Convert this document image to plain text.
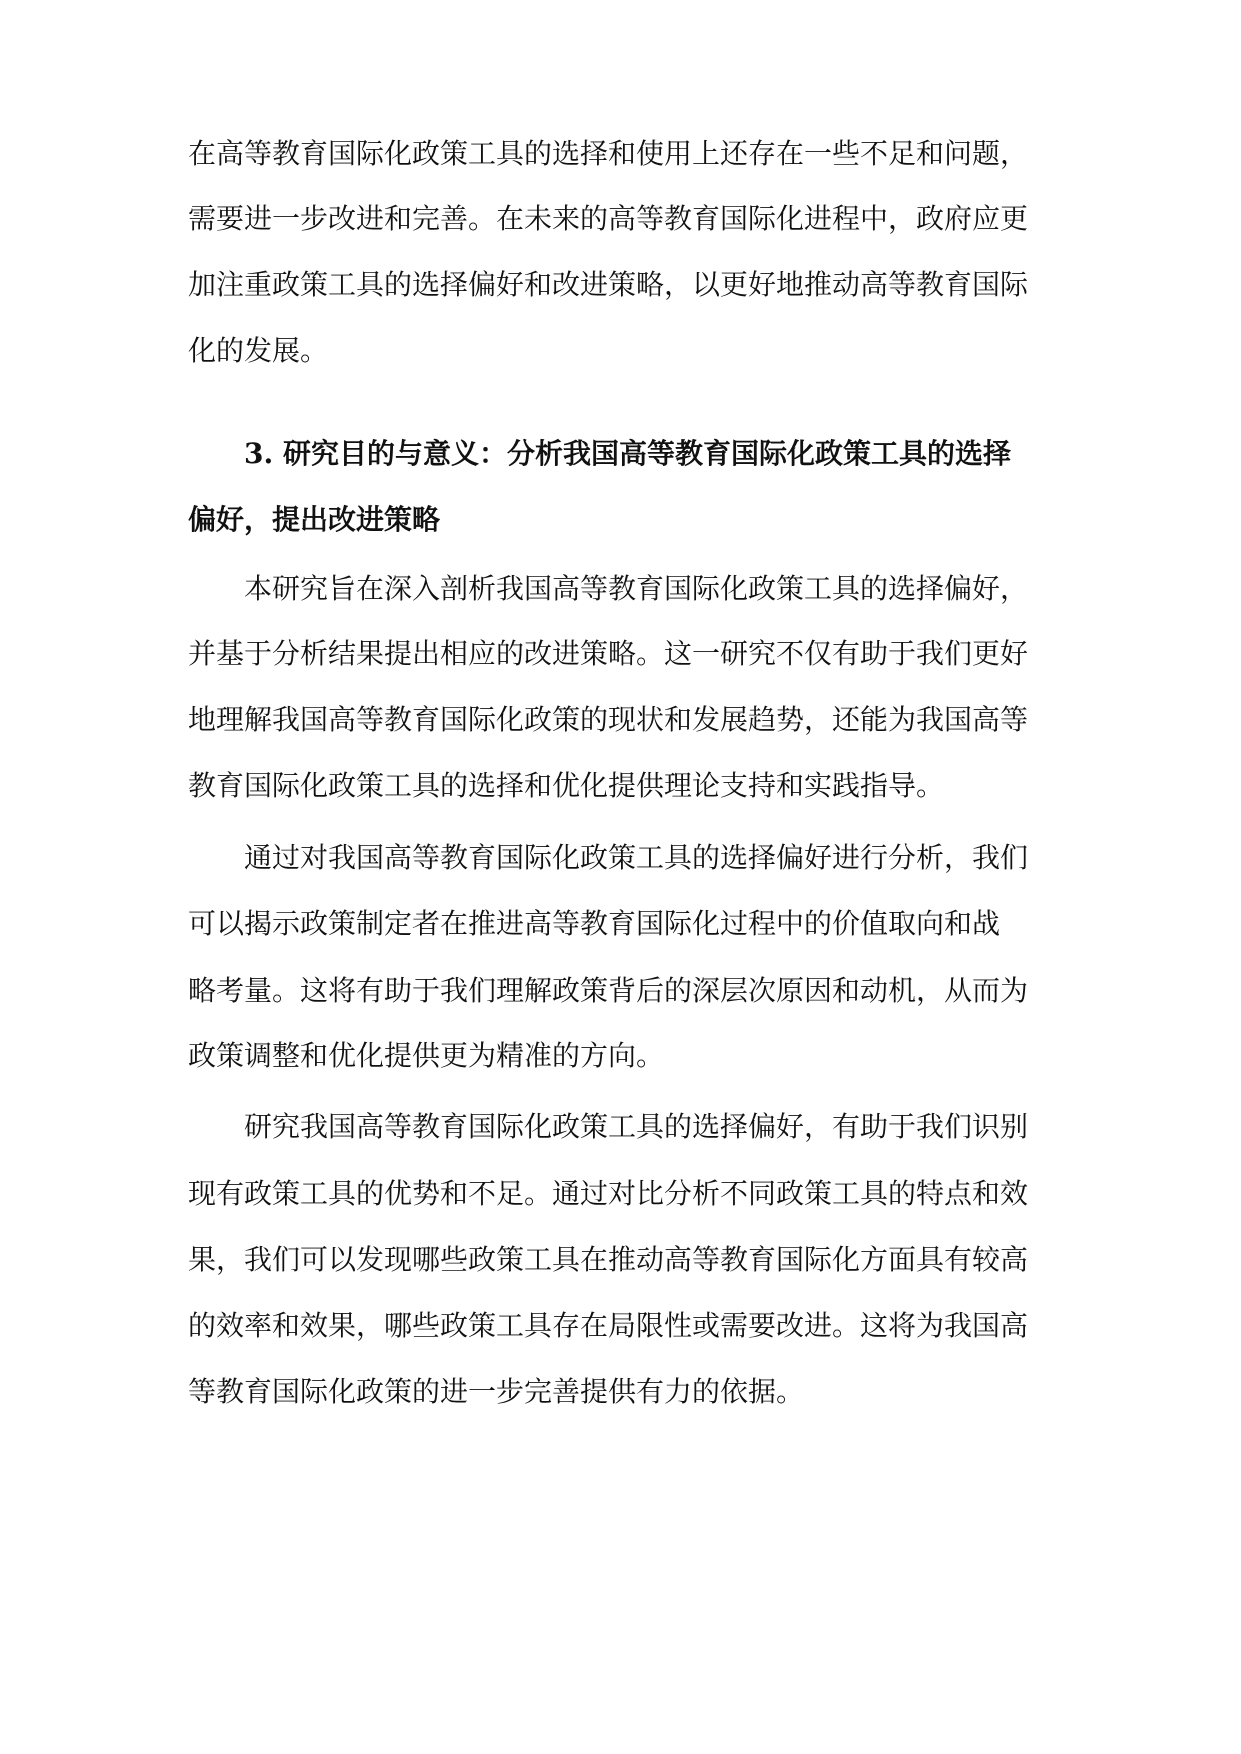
在高等教育国际化政策工具的选择和使用上还存在一些不足和问题，
需要进一步改进和完善。在未来的高等教育国际化进程中，政府应更
加注重政策工具的选择偏好和改进策略，以更好地推动高等教育国际
化的发展。
3. 研究目的与意义：分析我国高等教育国际化政策工具的选择
偏好，提出改进策略
本研究旨在深入剖析我国高等教育国际化政策工具的选择偏好，
并基于分析结果提出相应的改进策略。这一研究不仅有助于我们更好
地理解我国高等教育国际化政策的现状和发展趋势，还能为我国高等
教育国际化政策工具的选择和优化提供理论支持和实践指导。
通过对我国高等教育国际化政策工具的选择偏好进行分析，我们
可以揭示政策制定者在推进高等教育国际化过程中的价值取向和战
略考量。这将有助于我们理解政策背后的深层次原因和动机，从而为
政策调整和优化提供更为精准的方向。
研究我国高等教育国际化政策工具的选择偏好，有助于我们识别
现有政策工具的优势和不足。通过对比分析不同政策工具的特点和效
果，我们可以发现哪些政策工具在推动高等教育国际化方面具有较高
的效率和效果，哪些政策工具存在局限性或需要改进。这将为我国高
等教育国际化政策的进一步完善提供有力的依据。
